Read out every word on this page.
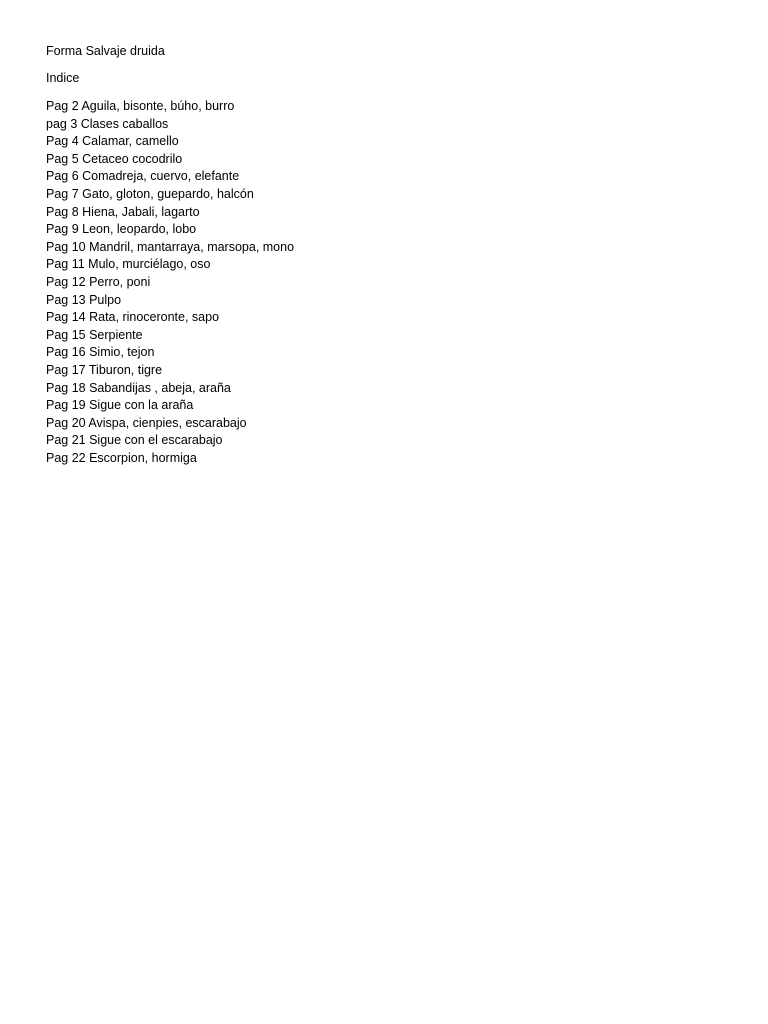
Forma Salvaje druida
Indice
Pag 2 Aguila, bisonte, búho, burro
pag 3 Clases caballos
Pag 4 Calamar, camello
Pag 5 Cetaceo cocodrilo
Pag 6 Comadreja, cuervo, elefante
Pag 7 Gato, gloton, guepardo, halcón
Pag 8 Hiena, Jabali, lagarto
Pag 9 Leon, leopardo, lobo
Pag 10 Mandril, mantarraya, marsopa, mono
Pag 11 Mulo, murciélago, oso
Pag 12 Perro, poni
Pag 13 Pulpo
Pag 14 Rata, rinoceronte, sapo
Pag 15 Serpiente
Pag 16 Simio, tejon
Pag 17 Tiburon, tigre
Pag 18 Sabandijas , abeja, araña
Pag 19 Sigue con la araña
Pag 20 Avispa, cienpies, escarabajo
Pag 21 Sigue con el escarabajo
Pag 22 Escorpion, hormiga
